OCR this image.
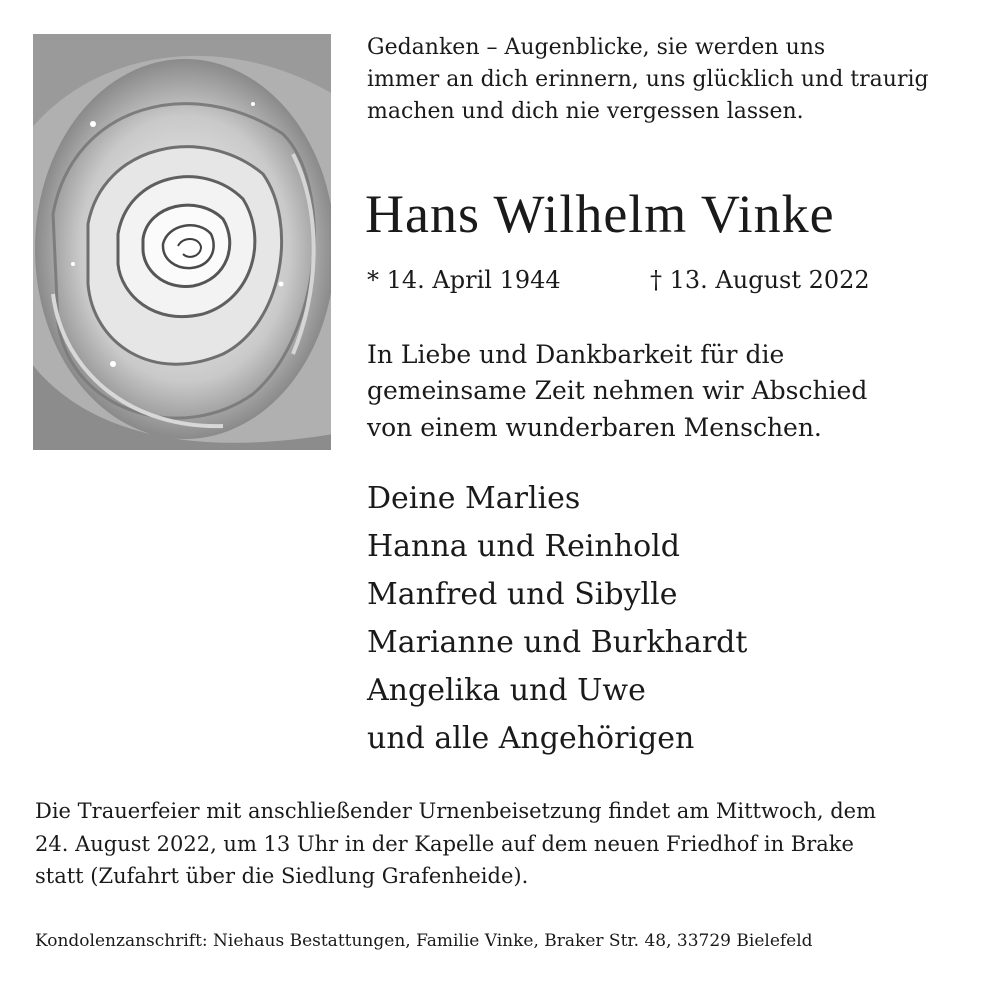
Gedanken – Augenblicke, sie werden uns
immer an dich erinnern, uns glücklich und traurig
machen und dich nie vergessen lassen.
Hans Wilhelm Vinke
* 14. April 1944	† 13. August 2022
In Liebe und Dankbarkeit für die
gemeinsame Zeit nehmen wir Abschied
von einem wunderbaren Menschen.
Deine Marlies
Hanna und Reinhold
Manfred und Sibylle
Marianne und Burkhardt
Angelika und Uwe
und alle Angehörigen
Die Trauerfeier mit anschließender Urnenbeisetzung findet am Mittwoch, dem
24. August 2022, um 13 Uhr in der Kapelle auf dem neuen Friedhof in Brake
statt (Zufahrt über die Siedlung Grafenheide).
Kondolenzanschrift: Niehaus Bestattungen, Familie Vinke, Braker Str. 48, 33729 Bielefeld
